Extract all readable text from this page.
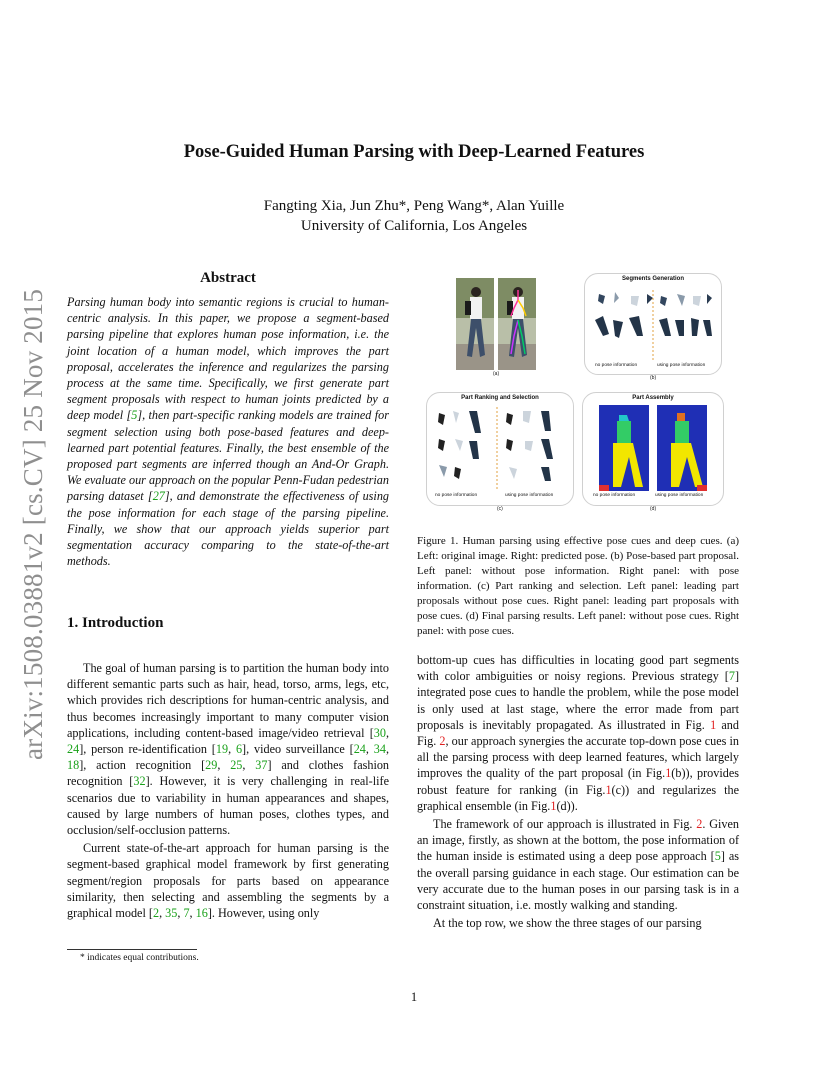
Pose-Guided Human Parsing with Deep-Learned Features
Fangting Xia, Jun Zhu*, Peng Wang*, Alan Yuille
University of California, Los Angeles
arXiv:1508.03881v2 [cs.CV] 25 Nov 2015
Abstract
Parsing human body into semantic regions is crucial to human-centric analysis. In this paper, we propose a segment-based parsing pipeline that explores human pose information, i.e. the joint location of a human model, which improves the part proposal, accelerates the inference and regularizes the parsing process at the same time. Specifically, we first generate part segment proposals with respect to human joints predicted by a deep model [5], then part-specific ranking models are trained for segment selection using both pose-based features and deep-learned part potential features. Finally, the best ensemble of the proposed part segments are inferred though an And-Or Graph. We evaluate our approach on the popular Penn-Fudan pedestrian parsing dataset [27], and demonstrate the effectiveness of using the pose information for each stage of the parsing pipeline. Finally, we show that our approach yields superior part segmentation accuracy comparing to the state-of-the-art methods.
1. Introduction

The goal of human parsing is to partition the human body into different semantic parts such as hair, head, torso, arms, legs, etc, which provides rich descriptions for human-centric analysis, and thus becomes increasingly important to many computer vision applications, including content-based image/video retrieval [30, 24], person re-identification [19, 6], video surveillance [24, 34, 18], action recognition [29, 25, 37] and clothes fashion recognition [32]. However, it is very challenging in real-life scenarios due to variability in human appearances and shapes, caused by large numbers of human poses, clothes types, and occlusion/self-occlusion patterns.

Current state-of-the-art approach for human parsing is the segment-based graphical model framework by first generating segment/region proposals for parts based on appearance similarity, then selecting and assembling the segments by a graphical model [2, 35, 7, 16]. However, using only

* indicates equal contributions.
(a)
Segments Generation
no pose information	using pose information
(b)
Part Ranking and Selection
no pose information	using pose information
(c)
Part Assembly
no pose information	using pose information
(d)
Figure 1. Human parsing using effective pose cues and deep cues. (a) Left: original image. Right: predicted pose. (b) Pose-based part proposal. Left panel: without pose information. Right panel: with pose information. (c) Part ranking and selection. Left panel: leading part proposals without pose cues. Right panel: leading part proposals with pose cues. (d) Final parsing results. Left panel: without pose cues. Right panel: with pose cues.

bottom-up cues has difficulties in locating good part segments with color ambiguities or noisy regions. Previous strategy [7] integrated pose cues to handle the problem, while the pose model is only used at last stage, where the error made from part proposals is inevitably propagated. As illustrated in Fig. 1 and Fig. 2, our approach synergies the accurate top-down pose cues in all the parsing process with deep learned features, which largely improves the quality of the part proposal (in Fig.1(b)), provides robust feature for ranking (in Fig.1(c)) and regularizes the graphical ensemble (in Fig.1(d)).

The framework of our approach is illustrated in Fig. 2. Given an image, firstly, as shown at the bottom, the pose information of the human inside is estimated using a deep pose approach [5] as the overall parsing guidance in each stage. Our estimation can be very accurate due to the human poses in our parsing task is in a constraint situation, i.e. mostly walking and standing.

At the top row, we show the three stages of our parsing

1
